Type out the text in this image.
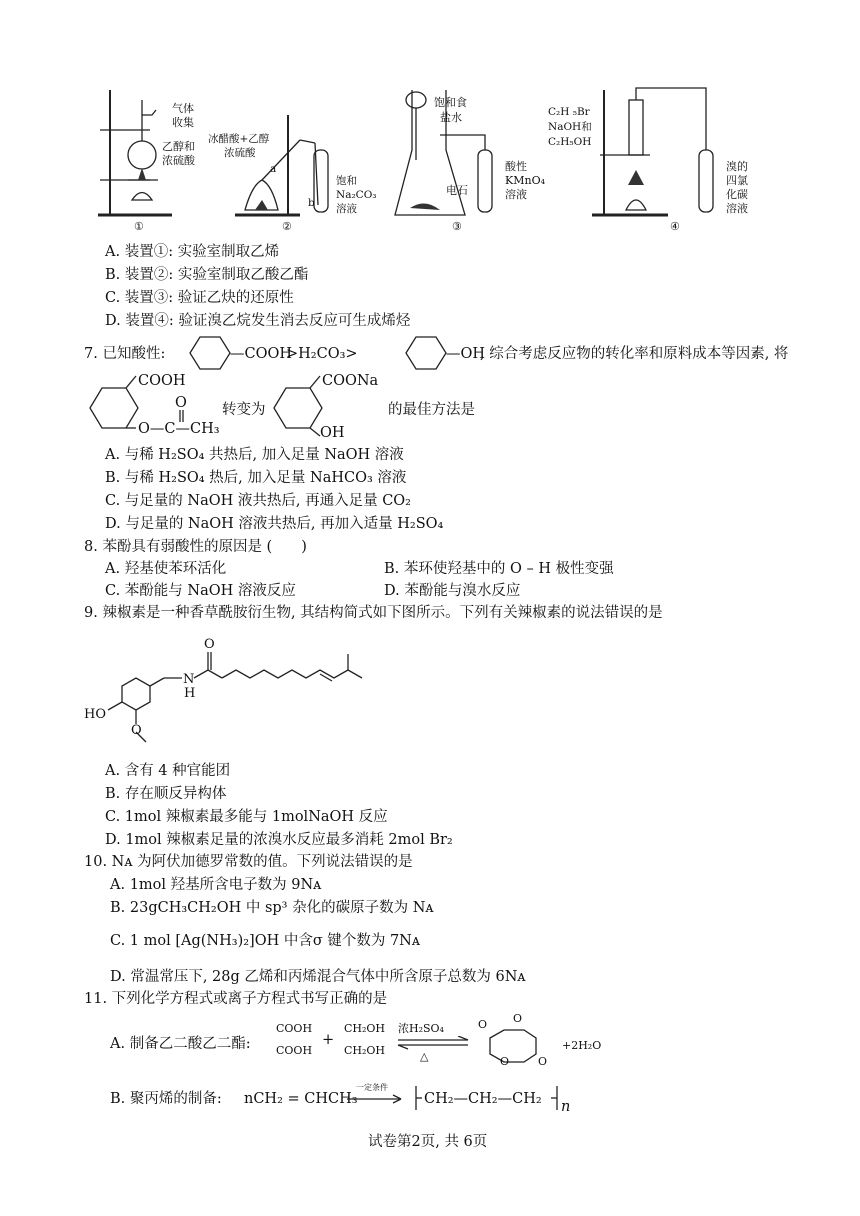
气体
收集
乙醇和
浓硫酸
①
冰醋酸+乙醇
浓硫酸
a
b
饱和
Na₂CO₃
溶液
②
饱和食
盐水
电石
酸性
KMnO₄
溶液
③
C₂H ₅Br
NaOH和
C₂H₅OH
溴的
四氯
化碳
溶液
④
A. 装置①: 实验室制取乙烯
B. 装置②: 实验室制取乙酸乙酯
C. 装置③: 验证乙炔的还原性
D. 装置④: 验证溴乙烷发生消去反应可生成烯烃
7. 已知酸性:	—COOH
>H₂CO₃>	—OH
, 综合考虑反应物的转化率和原料成本等因素, 将
COOH
O
O—C—CH₃
转变为
COONa
OH
的最佳方法是
A. 与稀 H₂SO₄ 共热后, 加入足量 NaOH 溶液
B. 与稀 H₂SO₄ 热后, 加入足量 NaHCO₃ 溶液
C. 与足量的 NaOH 液共热后, 再通入足量 CO₂
D. 与足量的 NaOH 溶液共热后, 再加入适量 H₂SO₄
8. 苯酚具有弱酸性的原因是 (　　)
A. 羟基使苯环活化	B. 苯环使羟基中的 O – H 极性变强
C. 苯酚能与 NaOH 溶液反应	D. 苯酚能与溴水反应
9. 辣椒素是一种香草酰胺衍生物, 其结构简式如下图所示。下列有关辣椒素的说法错误的是
O
N
H
HO
O
A. 含有 4 种官能团
B. 存在顺反异构体
C. 1mol 辣椒素最多能与 1molNaOH 反应
D. 1mol 辣椒素足量的浓溴水反应最多消耗 2mol Br₂
10. Nᴀ 为阿伏加德罗常数的值。下列说法错误的是
A. 1mol 羟基所含电子数为 9Nᴀ
B. 23gCH₃CH₂OH 中 sp³ 杂化的碳原子数为 Nᴀ
C. 1 mol [Ag(NH₃)₂]OH 中含σ 键个数为 7Nᴀ
D. 常温常压下, 28g 乙烯和丙烯混合气体中所含原子总数为 6Nᴀ
11. 下列化学方程式或离子方程式书写正确的是
A. 制备乙二酸乙二酯:
COOH
COOH
+
CH₂OH
CH₂OH
浓H₂SO₄
△
O O
O	O
+2H₂O
B. 聚丙烯的制备: nCH₂ = CHCH₃
一定条件
CH₂—CH₂—CH₂ n
试卷第2页, 共 6页
